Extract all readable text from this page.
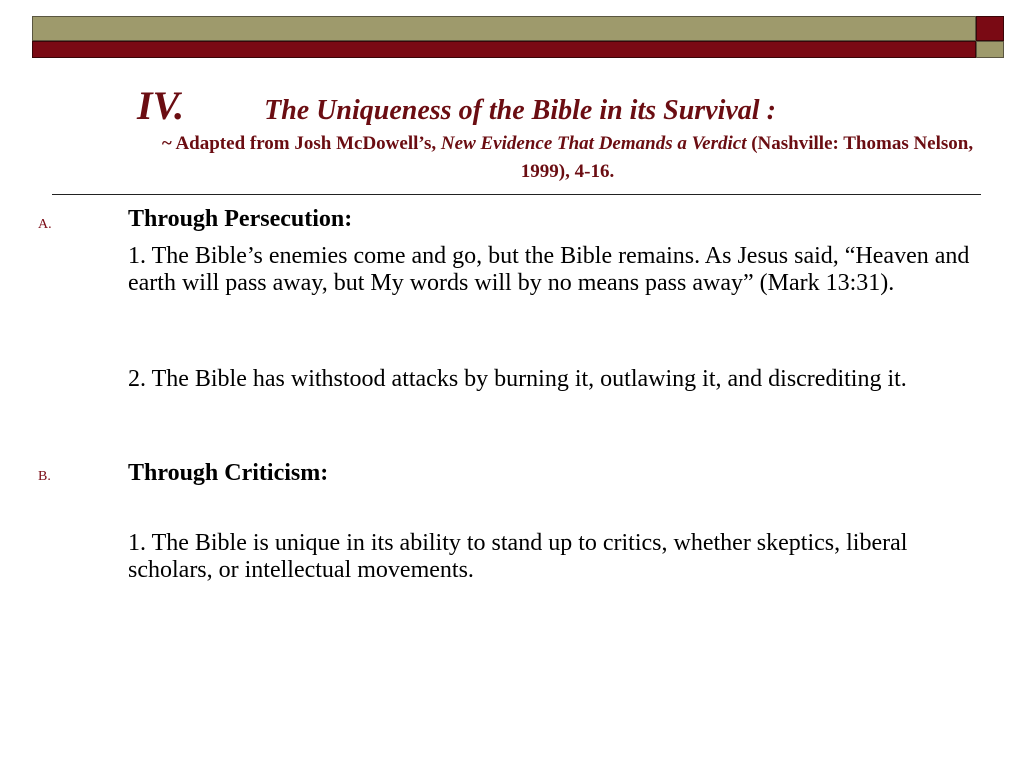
IV.	The Uniqueness of the Bible in its Survival :
~ Adapted from Josh McDowell’s, New Evidence That Demands a Verdict (Nashville: Thomas Nelson, 1999), 4-16.
A.	Through Persecution:
1. The Bible’s enemies come and go, but the Bible remains. As Jesus said, “Heaven and earth will pass away, but My words will by no means pass away” (Mark 13:31).
2. The Bible has withstood attacks by burning it, outlawing it, and discrediting it.
B.	Through Criticism:
1. The Bible is unique in its ability to stand up to critics, whether skeptics, liberal scholars, or intellectual movements.
